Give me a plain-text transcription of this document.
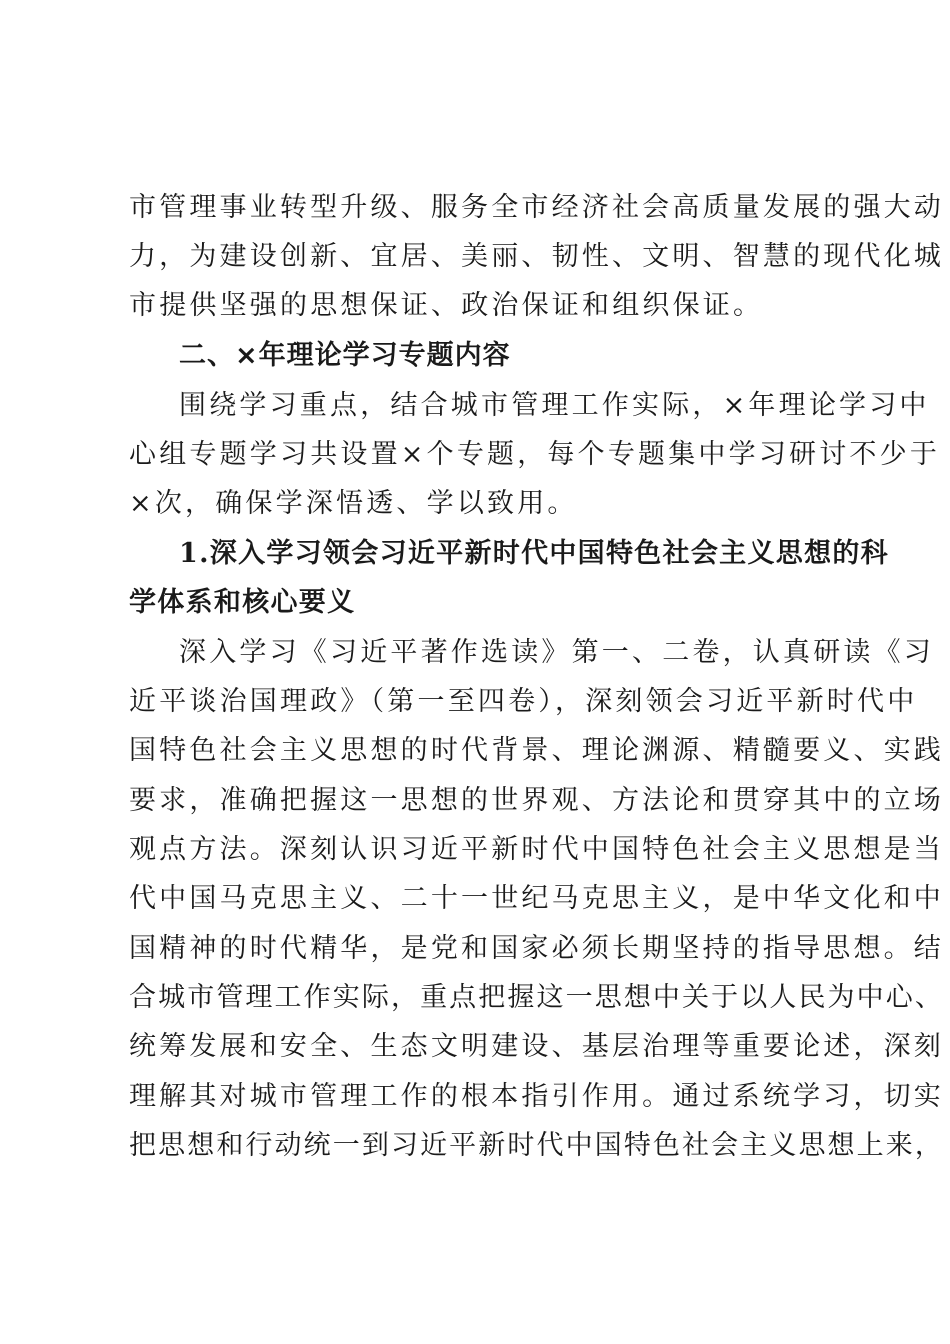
市管理事业转型升级、服务全市经济社会高质量发展的强大动
力，为建设创新、宜居、美丽、韧性、文明、智慧的现代化城
市提供坚强的思想保证、政治保证和组织保证。
二、×年理论学习专题内容
围绕学习重点，结合城市管理工作实际，×年理论学习中
心组专题学习共设置×个专题，每个专题集中学习研讨不少于
×次，确保学深悟透、学以致用。
1.深入学习领会习近平新时代中国特色社会主义思想的科
学体系和核心要义
深入学习《习近平著作选读》第一、二卷，认真研读《习
近平谈治国理政》（第一至四卷），深刻领会习近平新时代中
国特色社会主义思想的时代背景、理论渊源、精髓要义、实践
要求，准确把握这一思想的世界观、方法论和贯穿其中的立场
观点方法。深刻认识习近平新时代中国特色社会主义思想是当
代中国马克思主义、二十一世纪马克思主义，是中华文化和中
国精神的时代精华，是党和国家必须长期坚持的指导思想。结
合城市管理工作实际，重点把握这一思想中关于以人民为中心、
统筹发展和安全、生态文明建设、基层治理等重要论述，深刻
理解其对城市管理工作的根本指引作用。通过系统学习，切实
把思想和行动统一到习近平新时代中国特色社会主义思想上来，
